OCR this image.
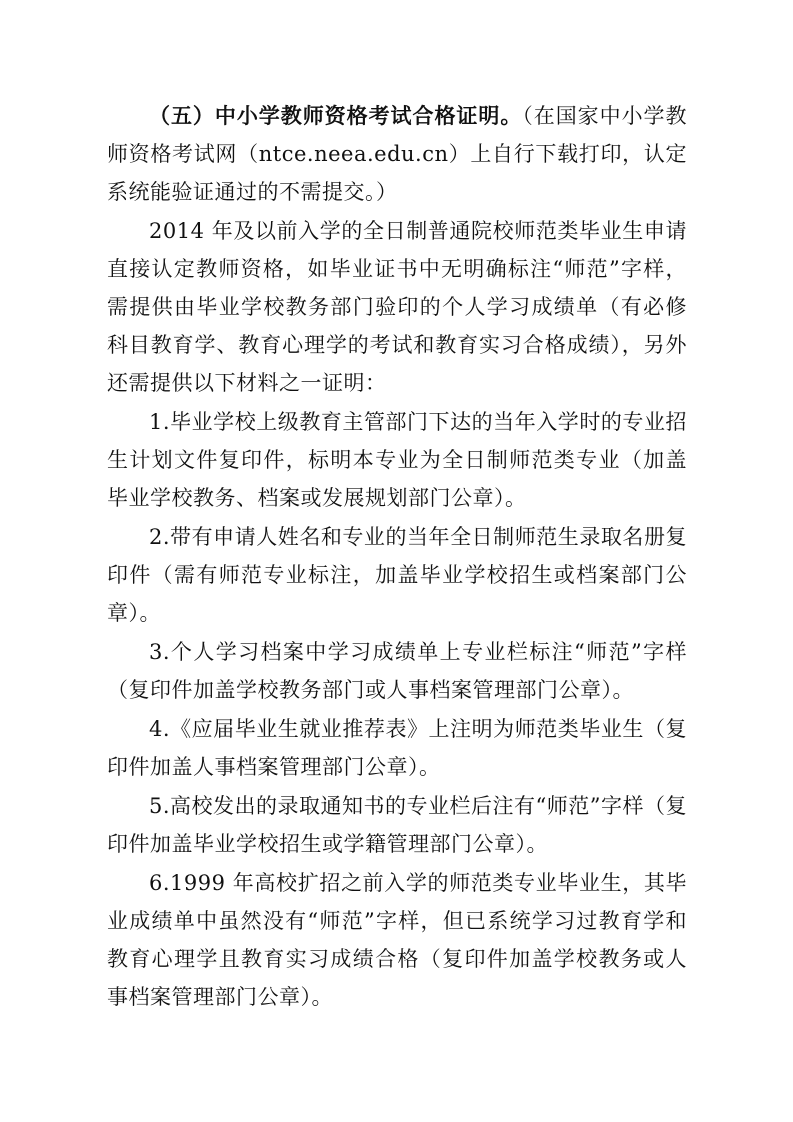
（五）中小学教师资格考试合格证明。（在国家中小学教师资格考试网（ntce.neea.edu.cn）上自行下载打印，认定系统能验证通过的不需提交。）

2014 年及以前入学的全日制普通院校师范类毕业生申请直接认定教师资格，如毕业证书中无明确标注“师范”字样，需提供由毕业学校教务部门验印的个人学习成绩单（有必修科目教育学、教育心理学的考试和教育实习合格成绩），另外还需提供以下材料之一证明：

1.毕业学校上级教育主管部门下达的当年入学时的专业招生计划文件复印件，标明本专业为全日制师范类专业（加盖毕业学校教务、档案或发展规划部门公章）。

2.带有申请人姓名和专业的当年全日制师范生录取名册复印件（需有师范专业标注，加盖毕业学校招生或档案部门公章）。

3.个人学习档案中学习成绩单上专业栏标注“师范”字样（复印件加盖学校教务部门或人事档案管理部门公章）。

4.《应届毕业生就业推荐表》上注明为师范类毕业生（复印件加盖人事档案管理部门公章）。

5.高校发出的录取通知书的专业栏后注有“师范”字样（复印件加盖毕业学校招生或学籍管理部门公章）。

6.1999 年高校扩招之前入学的师范类专业毕业生，其毕业成绩单中虽然没有“师范”字样，但已系统学习过教育学和教育心理学且教育实习成绩合格（复印件加盖学校教务或人事档案管理部门公章）。
